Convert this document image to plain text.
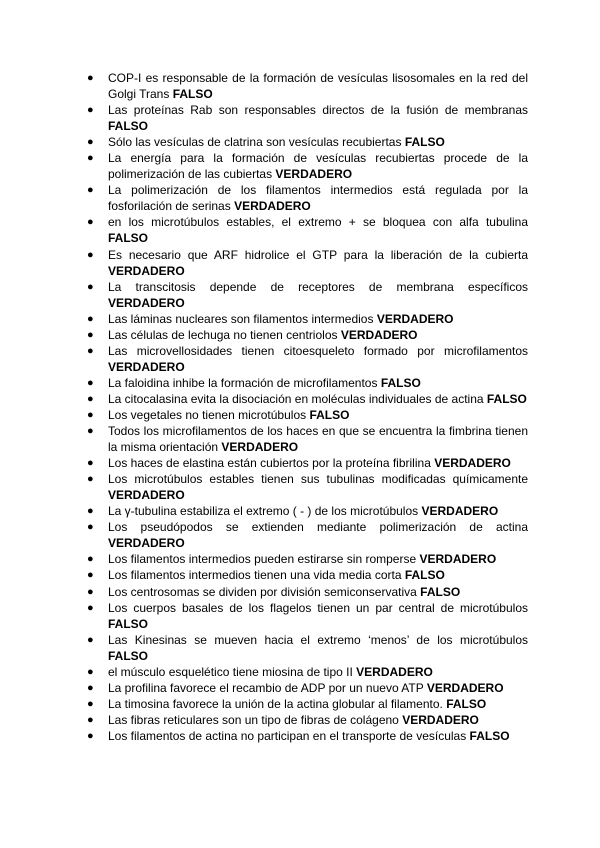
● COP-I es responsable de la formación de vesículas lisosomales en la red del Golgi Trans FALSO
● Las proteínas Rab son responsables directos de la fusión de membranas FALSO
● Sólo las vesículas de clatrina son vesículas recubiertas FALSO
● La energía para la formación de vesículas recubiertas procede de la polimerización de las cubiertas VERDADERO
● La polimerización de los filamentos intermedios está regulada por la fosforilación de serinas VERDADERO
● en los microtúbulos estables, el extremo + se bloquea con alfa tubulina FALSO
● Es necesario que ARF hidrolice el GTP para la liberación de la cubierta VERDADERO
● La transcitosis depende de receptores de membrana específicos VERDADERO
● Las láminas nucleares son filamentos intermedios VERDADERO
● Las células de lechuga no tienen centriolos VERDADERO
● Las microvellosidades tienen citoesqueleto formado por microfilamentos VERDADERO
● La faloidina inhibe la formación de microfilamentos FALSO
● La citocalasina evita la disociación en moléculas individuales de actina FALSO
● Los vegetales no tienen microtúbulos FALSO
● Todos los microfilamentos de los haces en que se encuentra la fimbrina tienen la misma orientación VERDADERO
● Los haces de elastina están cubiertos por la proteína fibrilina VERDADERO
● Los microtúbulos estables tienen sus tubulinas modificadas químicamente VERDADERO
● La γ-tubulina estabiliza el extremo ( - ) de los microtúbulos VERDADERO
● Los pseudópodos se extienden mediante polimerización de actina VERDADERO
● Los filamentos intermedios pueden estirarse sin romperse VERDADERO
● Los filamentos intermedios tienen una vida media corta FALSO
● Los centrosomas se dividen por división semiconservativa FALSO
● Los cuerpos basales de los flagelos tienen un par central de microtúbulos FALSO
● Las Kinesinas se mueven hacia el extremo ‘menos’ de los microtúbulos FALSO
● el músculo esquelético tiene miosina de tipo II VERDADERO
● La profilina favorece el recambio de ADP por un nuevo ATP VERDADERO
● La timosina favorece la unión de la actina globular al filamento. FALSO
● Las fibras reticulares son un tipo de fibras de colágeno VERDADERO
● Los filamentos de actina no participan en el transporte de vesículas FALSO
